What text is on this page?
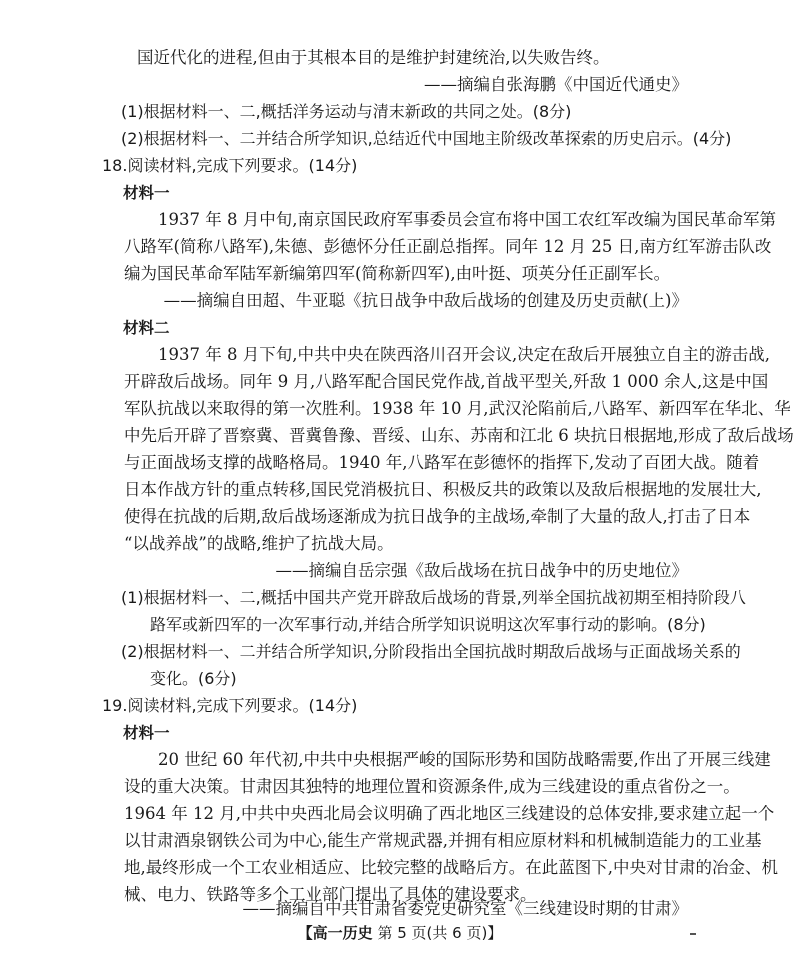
国近代化的进程,但由于其根本目的是维护封建统治,以失败告终。
——摘编自张海鹏《中国近代通史》
(1)根据材料一、二,概括洋务运动与清末新政的共同之处。(8分)
(2)根据材料一、二并结合所学知识,总结近代中国地主阶级改革探索的历史启示。(4分)
18.阅读材料,完成下列要求。(14分)
材料一
1937 年 8 月中旬,南京国民政府军事委员会宣布将中国工农红军改编为国民革命军第
八路军(简称八路军),朱德、彭德怀分任正副总指挥。同年 12 月 25 日,南方红军游击队改
编为国民革命军陆军新编第四军(简称新四军),由叶挺、项英分任正副军长。
——摘编自田超、牛亚聪《抗日战争中敌后战场的创建及历史贡献(上)》
材料二
1937 年 8 月下旬,中共中央在陕西洛川召开会议,决定在敌后开展独立自主的游击战,
开辟敌后战场。同年 9 月,八路军配合国民党作战,首战平型关,歼敌 1 000 余人,这是中国
军队抗战以来取得的第一次胜利。1938 年 10 月,武汉沦陷前后,八路军、新四军在华北、华
中先后开辟了晋察冀、晋冀鲁豫、晋绥、山东、苏南和江北 6 块抗日根据地,形成了敌后战场
与正面战场支撑的战略格局。1940 年,八路军在彭德怀的指挥下,发动了百团大战。随着
日本作战方针的重点转移,国民党消极抗日、积极反共的政策以及敌后根据地的发展壮大,
使得在抗战的后期,敌后战场逐渐成为抗日战争的主战场,牵制了大量的敌人,打击了日本
“以战养战”的战略,维护了抗战大局。
——摘编自岳宗强《敌后战场在抗日战争中的历史地位》
(1)根据材料一、二,概括中国共产党开辟敌后战场的背景,列举全国抗战初期至相持阶段八
路军或新四军的一次军事行动,并结合所学知识说明这次军事行动的影响。(8分)
(2)根据材料一、二并结合所学知识,分阶段指出全国抗战时期敌后战场与正面战场关系的
变化。(6分)
19.阅读材料,完成下列要求。(14分)
材料一
20 世纪 60 年代初,中共中央根据严峻的国际形势和国防战略需要,作出了开展三线建
设的重大决策。甘肃因其独特的地理位置和资源条件,成为三线建设的重点省份之一。
1964 年 12 月,中共中央西北局会议明确了西北地区三线建设的总体安排,要求建立起一个
以甘肃酒泉钢铁公司为中心,能生产常规武器,并拥有相应原材料和机械制造能力的工业基
地,最终形成一个工农业相适应、比较完整的战略后方。在此蓝图下,中央对甘肃的冶金、机
械、电力、铁路等多个工业部门提出了具体的建设要求。
——摘编自中共甘肃省委党史研究室《三线建设时期的甘肃》
【高一历史 第 5 页(共 6 页)】
